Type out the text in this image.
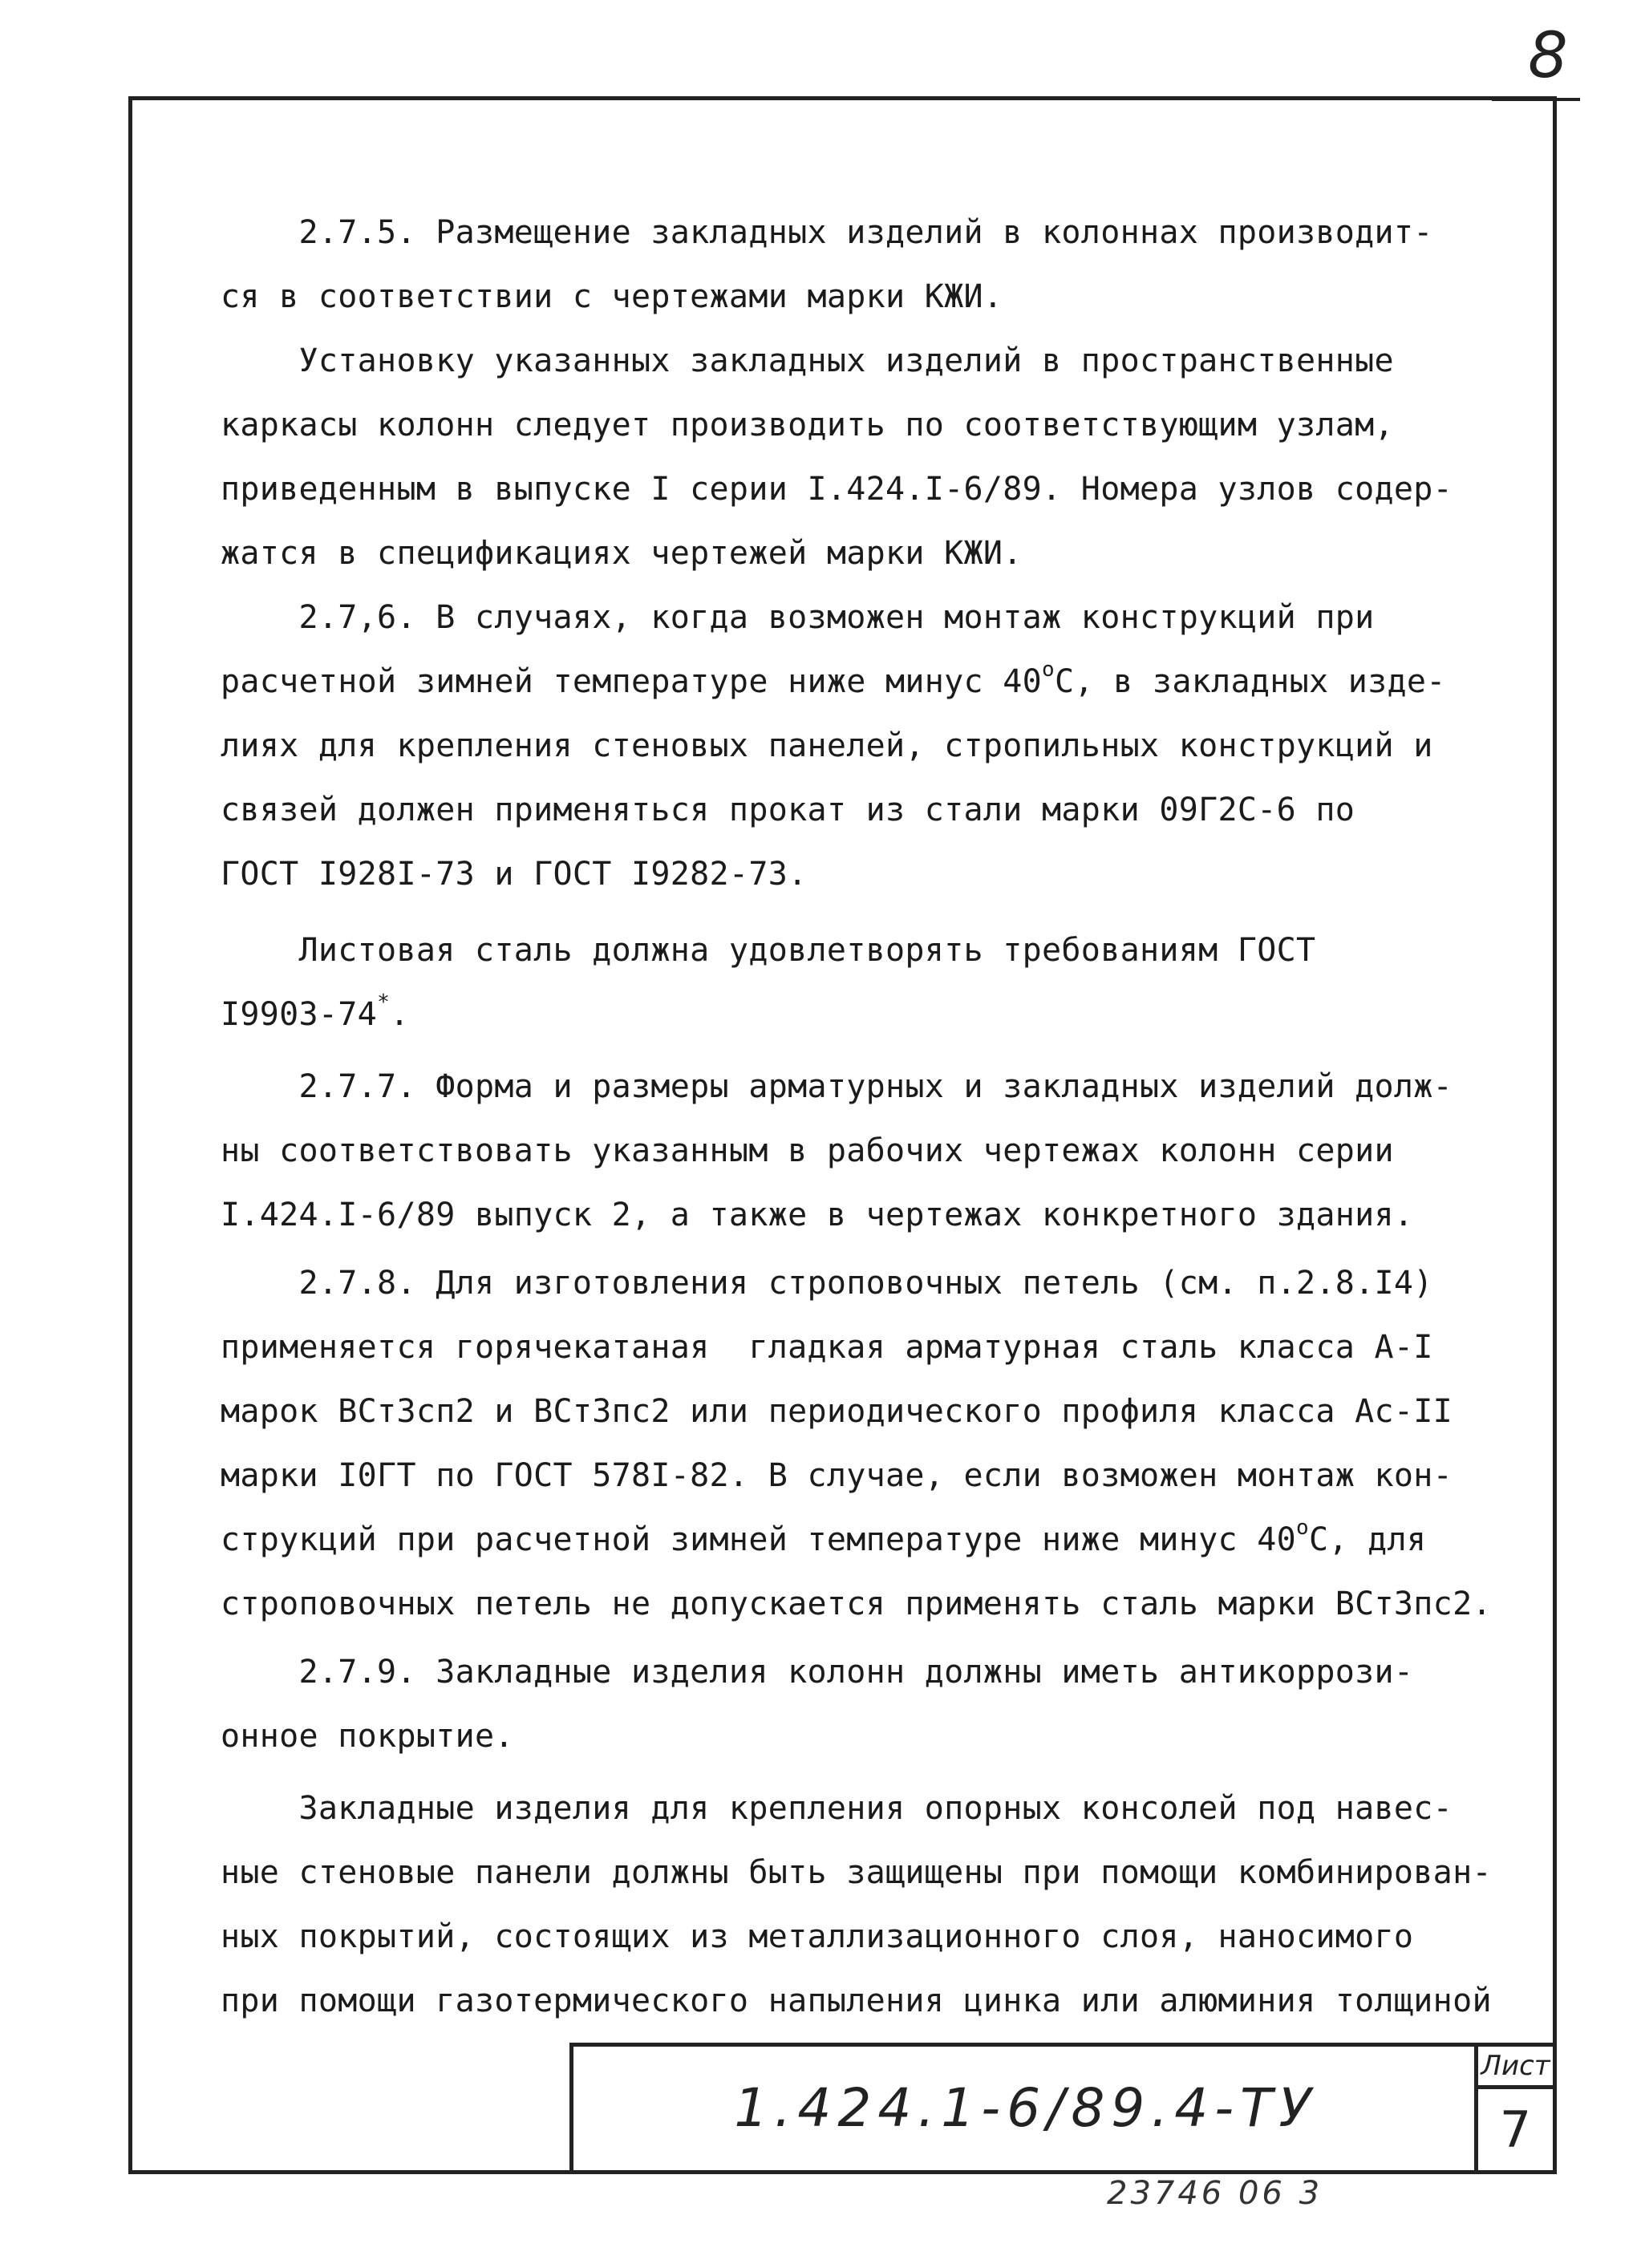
8
2.7.5. Размещение закладных изделий в колоннах производит-
ся в соответствии с чертежами марки КЖИ.
Установку указанных закладных изделий в пространственные
каркасы колонн следует производить по соответствующим узлам,
приведенным в выпуске I серии I.424.I-6/89. Номера узлов содер-
жатся в спецификациях чертежей марки КЖИ.
2.7,6. В случаях, когда возможен монтаж конструкций при
расчетной зимней температуре ниже минус 40$^o$С, в закладных изде-
лиях для крепления стеновых панелей, стропильных конструкций и
связей должен применяться прокат из стали марки 09Г2С-6 по
ГОСТ I928I-73 и ГОСТ I9282-73.
Листовая сталь должна удовлетворять требованиям ГОСТ
I9903-74*.
2.7.7. Форма и размеры арматурных и закладных изделий долж-
ны соответствовать указанным в рабочих чертежах колонн серии
I.424.I-6/89 выпуск 2, а также в чертежах конкретного здания.
2.7.8. Для изготовления строповочных петель (см. п.2.8.I4)
применяется горячекатаная  гладкая арматурная сталь класса А-I
марок ВСт3сп2 и ВСт3пс2 или периодического профиля класса Ас-II
марки I0ГТ по ГОСТ 578I-82. В случае, если возможен монтаж кон-
струкций при расчетной зимней температуре ниже минус 40$^o$С, для
строповочных петель не допускается применять сталь марки ВСт3пс2.
2.7.9. Закладные изделия колонн должны иметь антикоррози-
онное покрытие.
Закладные изделия для крепления опорных консолей под навес-
ные стеновые панели должны быть защищены при помощи комбинирован-
ных покрытий, состоящих из металлизационного слоя, наносимого
при помощи газотермического напыления цинка или алюминия толщиной
1.424.1-6/89.4-ТУ
Лист
7
23746 06 3
